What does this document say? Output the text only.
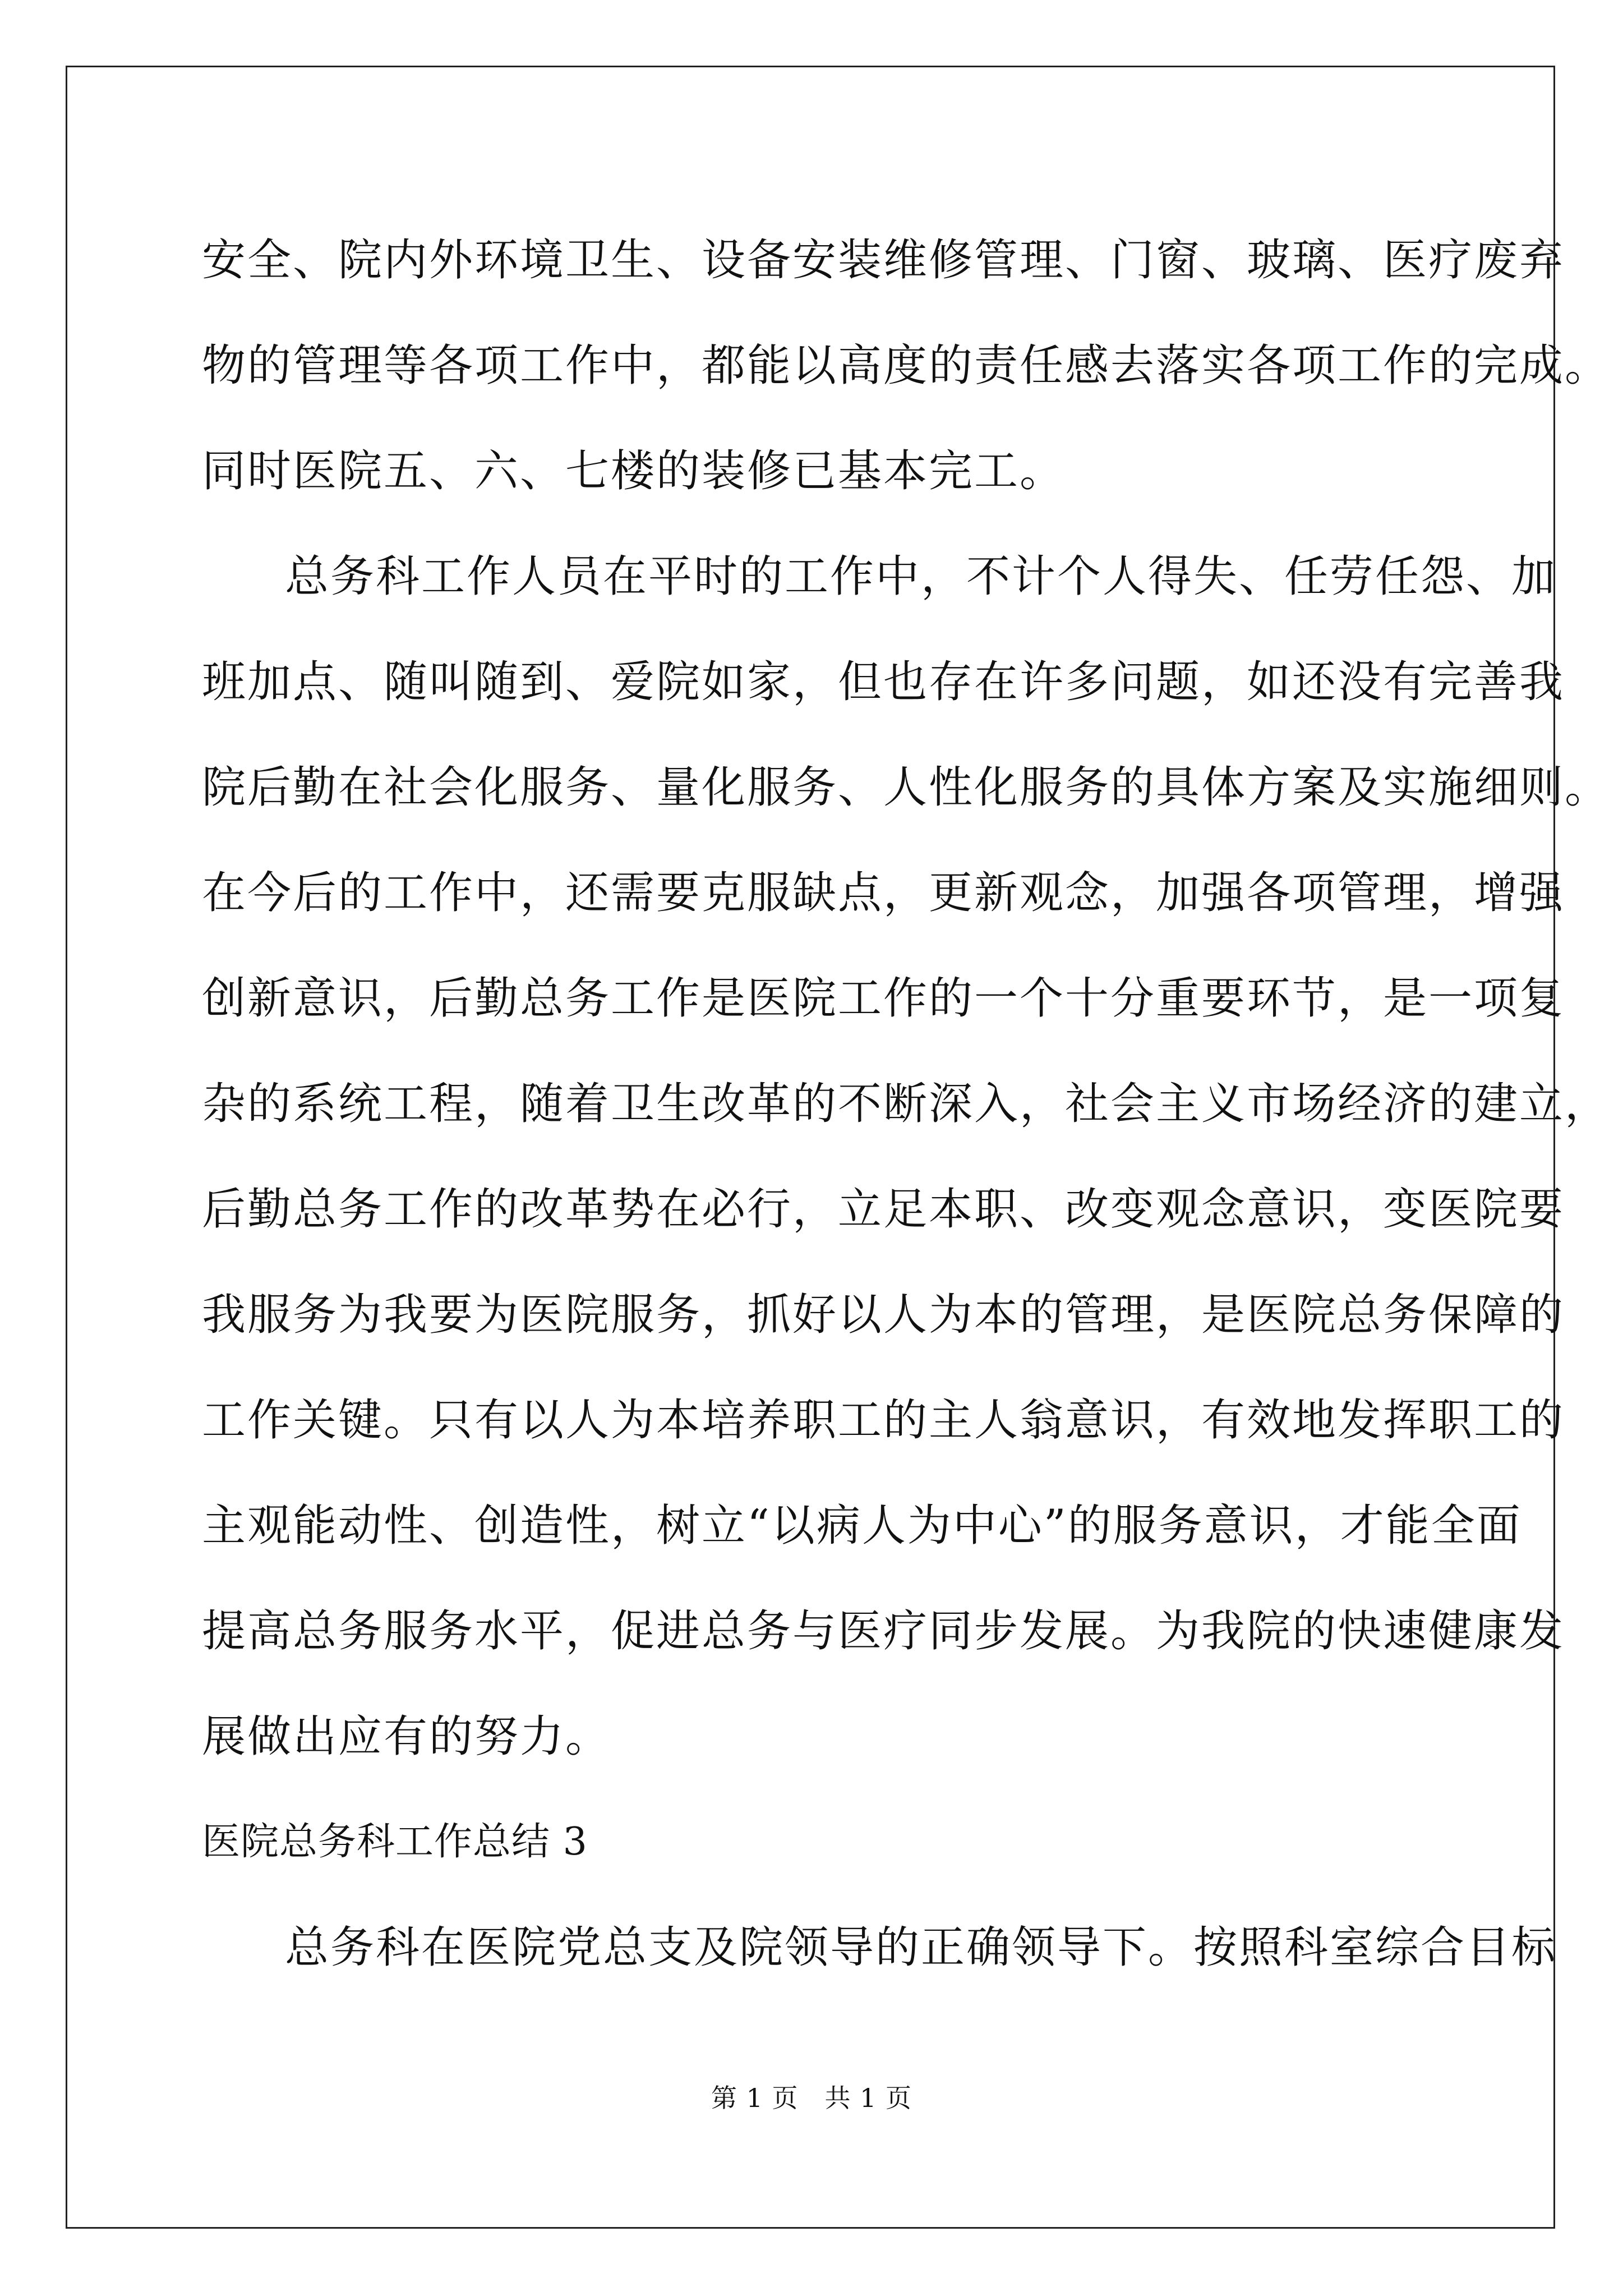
安全、院内外环境卫生、设备安装维修管理、门窗、玻璃、医疗废弃
物的管理等各项工作中，都能以高度的责任感去落实各项工作的完成。
同时医院五、六、七楼的装修已基本完工。
总务科工作人员在平时的工作中，不计个人得失、任劳任怨、加
班加点、随叫随到、爱院如家，但也存在许多问题，如还没有完善我
院后勤在社会化服务、量化服务、人性化服务的具体方案及实施细则。
在今后的工作中，还需要克服缺点，更新观念，加强各项管理，增强
创新意识，后勤总务工作是医院工作的一个十分重要环节，是一项复
杂的系统工程，随着卫生改革的不断深入，社会主义市场经济的建立，
后勤总务工作的改革势在必行，立足本职、改变观念意识，变医院要
我服务为我要为医院服务，抓好以人为本的管理，是医院总务保障的
工作关键。只有以人为本培养职工的主人翁意识，有效地发挥职工的
主观能动性、创造性，树立“以病人为中心”的服务意识，才能全面
提高总务服务水平，促进总务与医疗同步发展。为我院的快速健康发
展做出应有的努力。
医院总务科工作总结 3
总务科在医院党总支及院领导的正确领导下。按照科室综合目标
第 1 页　共 1 页
